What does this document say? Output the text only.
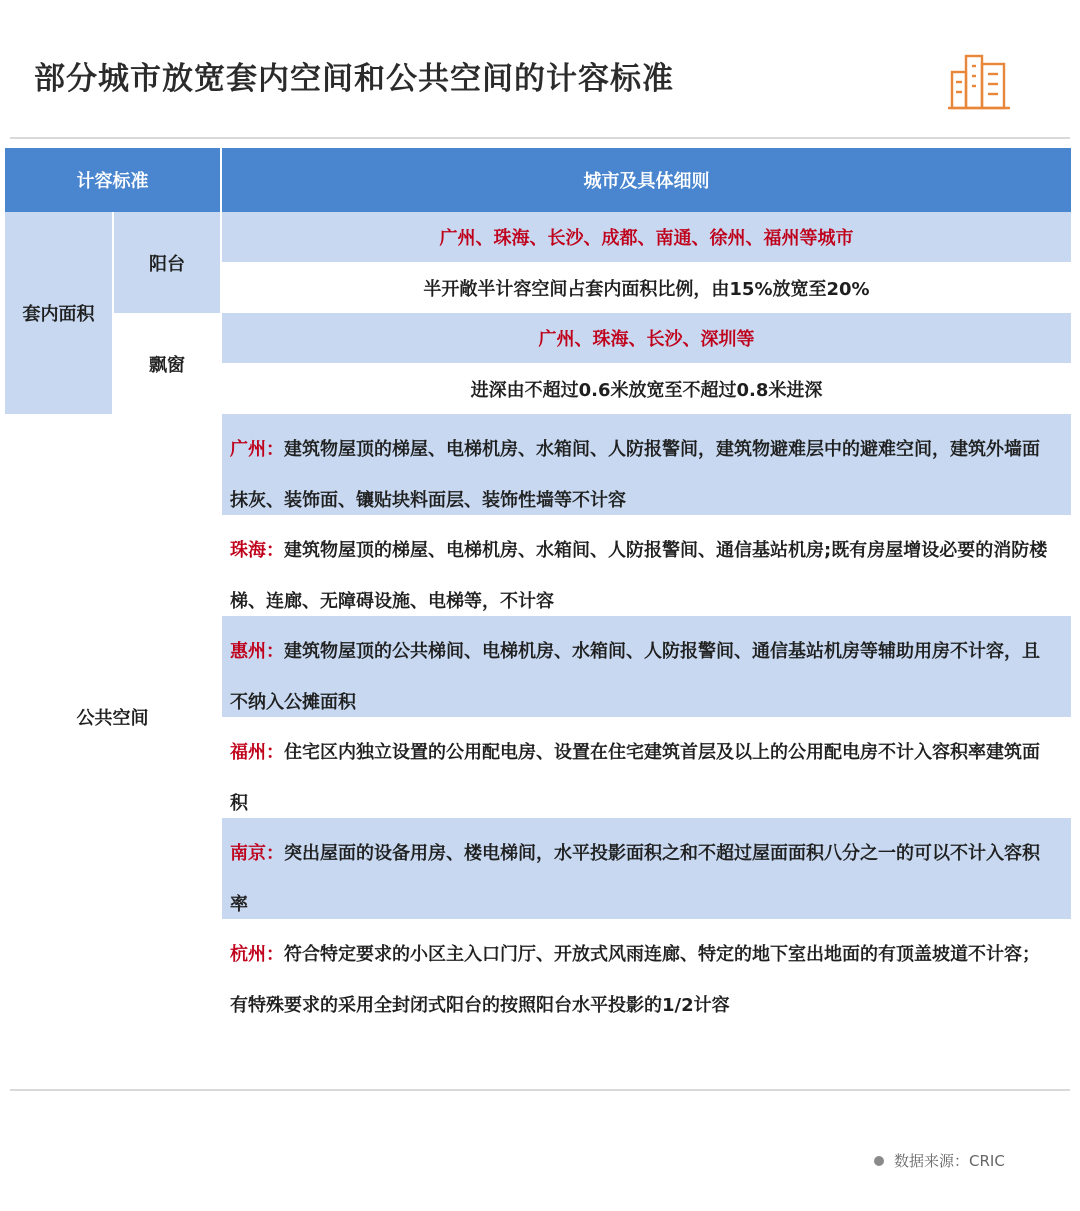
部分城市放宽套内空间和公共空间的计容标准
计容标准	城市及具体细则
套内面积
阳台
飘窗
广州、珠海、长沙、成都、南通、徐州、福州等城市
半开敞半计容空间占套内面积比例，由15%放宽至20%
广州、珠海、长沙、深圳等
进深由不超过0.6米放宽至不超过0.8米进深
公共空间
广州：建筑物屋顶的梯屋、电梯机房、水箱间、人防报警间，建筑物避难层中的避难空间，建筑外墙面抹灰、装饰面、镶贴块料面层、装饰性墙等不计容
珠海：建筑物屋顶的梯屋、电梯机房、水箱间、人防报警间、通信基站机房;既有房屋增设必要的消防楼梯、连廊、无障碍设施、电梯等，不计容
惠州：建筑物屋顶的公共梯间、电梯机房、水箱间、人防报警间、通信基站机房等辅助用房不计容，且不纳入公摊面积
福州：住宅区内独立设置的公用配电房、设置在住宅建筑首层及以上的公用配电房不计入容积率建筑面积
南京：突出屋面的设备用房、楼电梯间，水平投影面积之和不超过屋面面积八分之一的可以不计入容积率
杭州：符合特定要求的小区主入口门厅、开放式风雨连廊、特定的地下室出地面的有顶盖坡道不计容；有特殊要求的采用全封闭式阳台的按照阳台水平投影的1/2计容
数据来源：CRIC
